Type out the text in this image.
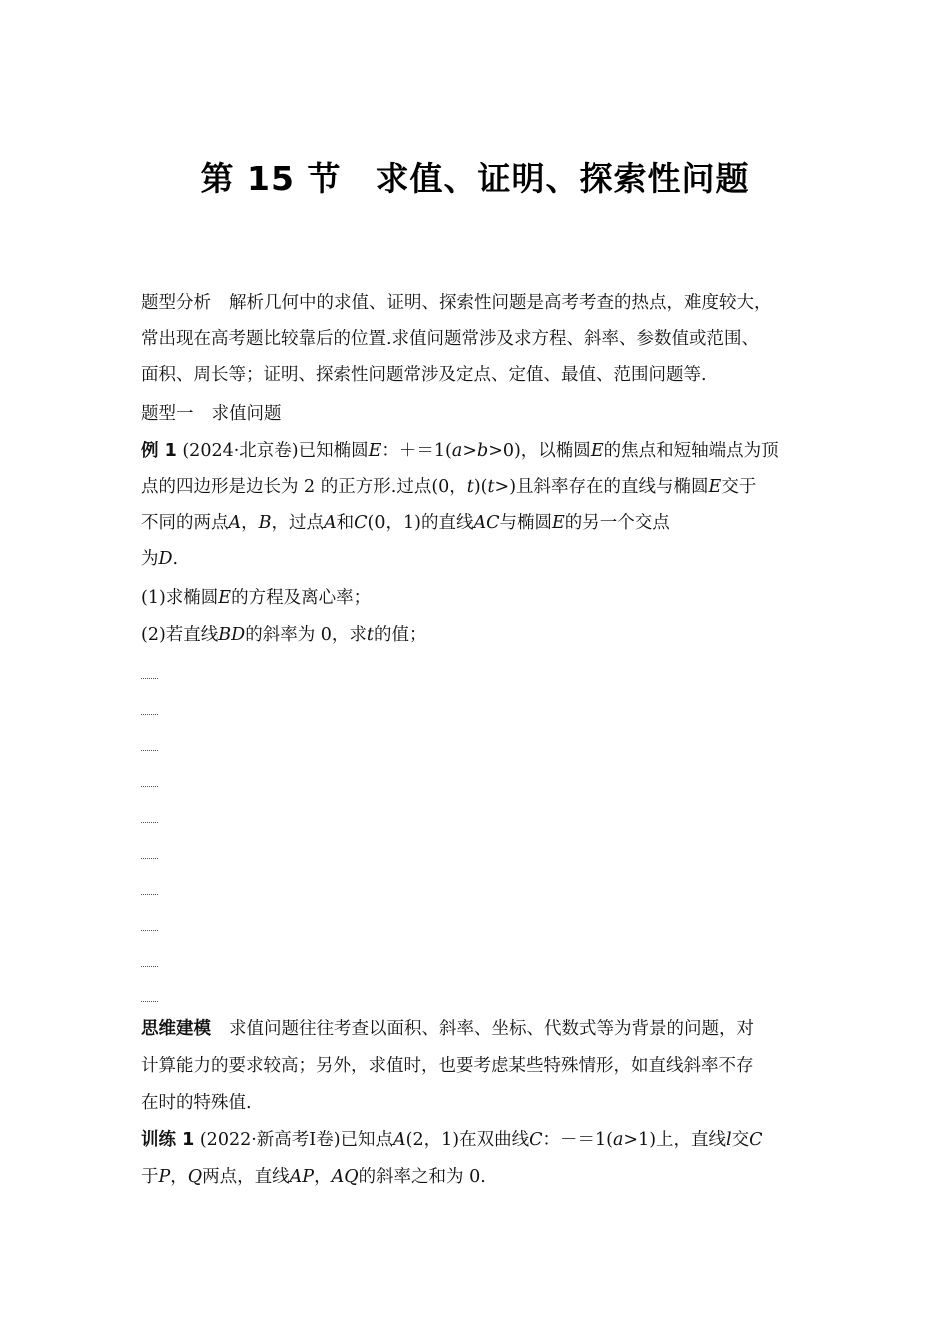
第 15 节 求值、证明、探索性问题
题型分析 解析几何中的求值、证明、探索性问题是高考考查的热点，难度较大，
常出现在高考题比较靠后的位置.求值问题常涉及求方程、斜率、参数值或范围、
面积、周长等；证明、探索性问题常涉及定点、定值、最值、范围问题等.
题型一 求值问题
例 1 (2024·北京卷)已知椭圆E：＋＝1(a>b>0)，以椭圆E的焦点和短轴端点为顶
点的四边形是边长为 2 的正方形.过点(0，t)(t>)且斜率存在的直线与椭圆E交于
不同的两点A，B，过点A和C(0，1)的直线AC与椭圆E的另一个交点
为D.
(1)求椭圆E的方程及离心率；
(2)若直线BD的斜率为 0，求t的值；
思维建模 求值问题往往考查以面积、斜率、坐标、代数式等为背景的问题，对
计算能力的要求较高；另外，求值时，也要考虑某些特殊情形，如直线斜率不存
在时的特殊值.
训练 1 (2022·新高考Ⅰ卷)已知点A(2，1)在双曲线C：－＝1(a>1)上，直线l交C
于P，Q两点，直线AP，AQ的斜率之和为 0.
